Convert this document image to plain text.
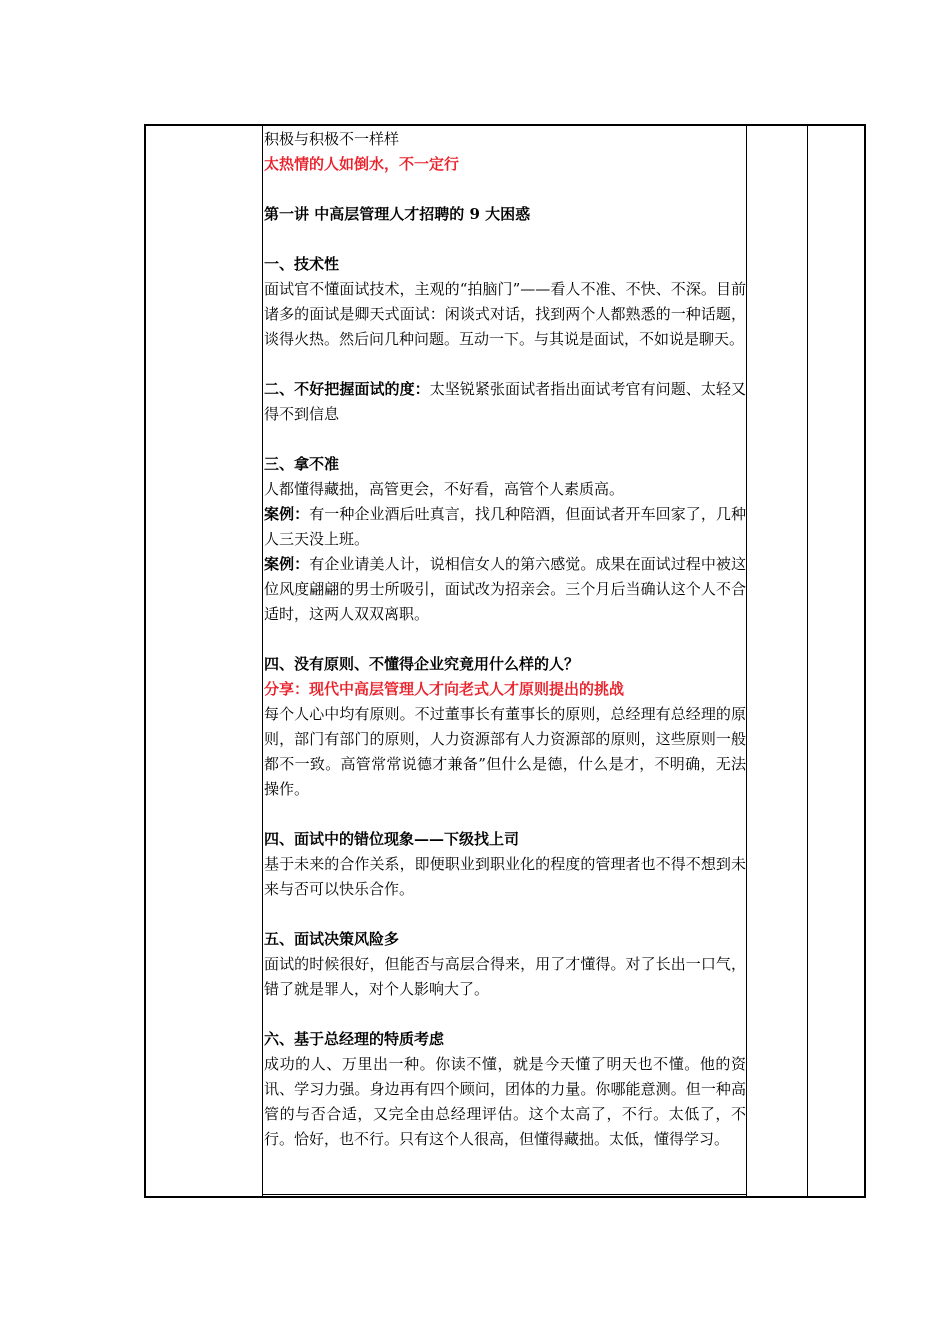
积极与积极不一样样

太热情的人如倒水，不一定行

第一讲 中高层管理人才招聘的 9 大困惑

一、技术性

面试官不懂面试技术，主观的“拍脑门”——看人不准、不快、不深。目前诸多的面试是卿天式面试：闲谈式对话，找到两个人都熟悉的一种话题，谈得火热。然后问几种问题。互动一下。与其说是面试，不如说是聊天。

二、不好把握面试的度：太坚锐紧张面试者指出面试考官有问题、太轻又得不到信息

三、拿不准

人都懂得藏拙，高管更会，不好看，高管个人素质高。

案例：有一种企业酒后吐真言，找几种陪酒，但面试者开车回家了，几种人三天没上班。

案例：有企业请美人计，说相信女人的第六感觉。成果在面试过程中被这位风度翩翩的男士所吸引，面试改为招亲会。三个月后当确认这个人不合适时，这两人双双离职。

四、没有原则、不懂得企业究竟用什么样的人？

分享：现代中高层管理人才向老式人才原则提出的挑战

每个人心中均有原则。不过董事长有董事长的原则，总经理有总经理的原则，部门有部门的原则，人力资源部有人力资源部的原则，这些原则一般都不一致。高管常常说德才兼备”但什么是德，什么是才，不明确，无法操作。

四、面试中的错位现象——下级找上司

基于未来的合作关系，即便职业到职业化的程度的管理者也不得不想到未来与否可以快乐合作。

五、面试决策风险多

面试的时候很好，但能否与高层合得来，用了才懂得。对了长出一口气，错了就是罪人，对个人影响大了。

六、基于总经理的特质考虑

成功的人、万里出一种。你读不懂，就是今天懂了明天也不懂。他的资讯、学习力强。身边再有四个顾问，团体的力量。你哪能意测。但一种高管的与否合适，又完全由总经理评估。这个太高了，不行。太低了，不行。恰好，也不行。只有这个人很高，但懂得藏拙。太低，懂得学习。
